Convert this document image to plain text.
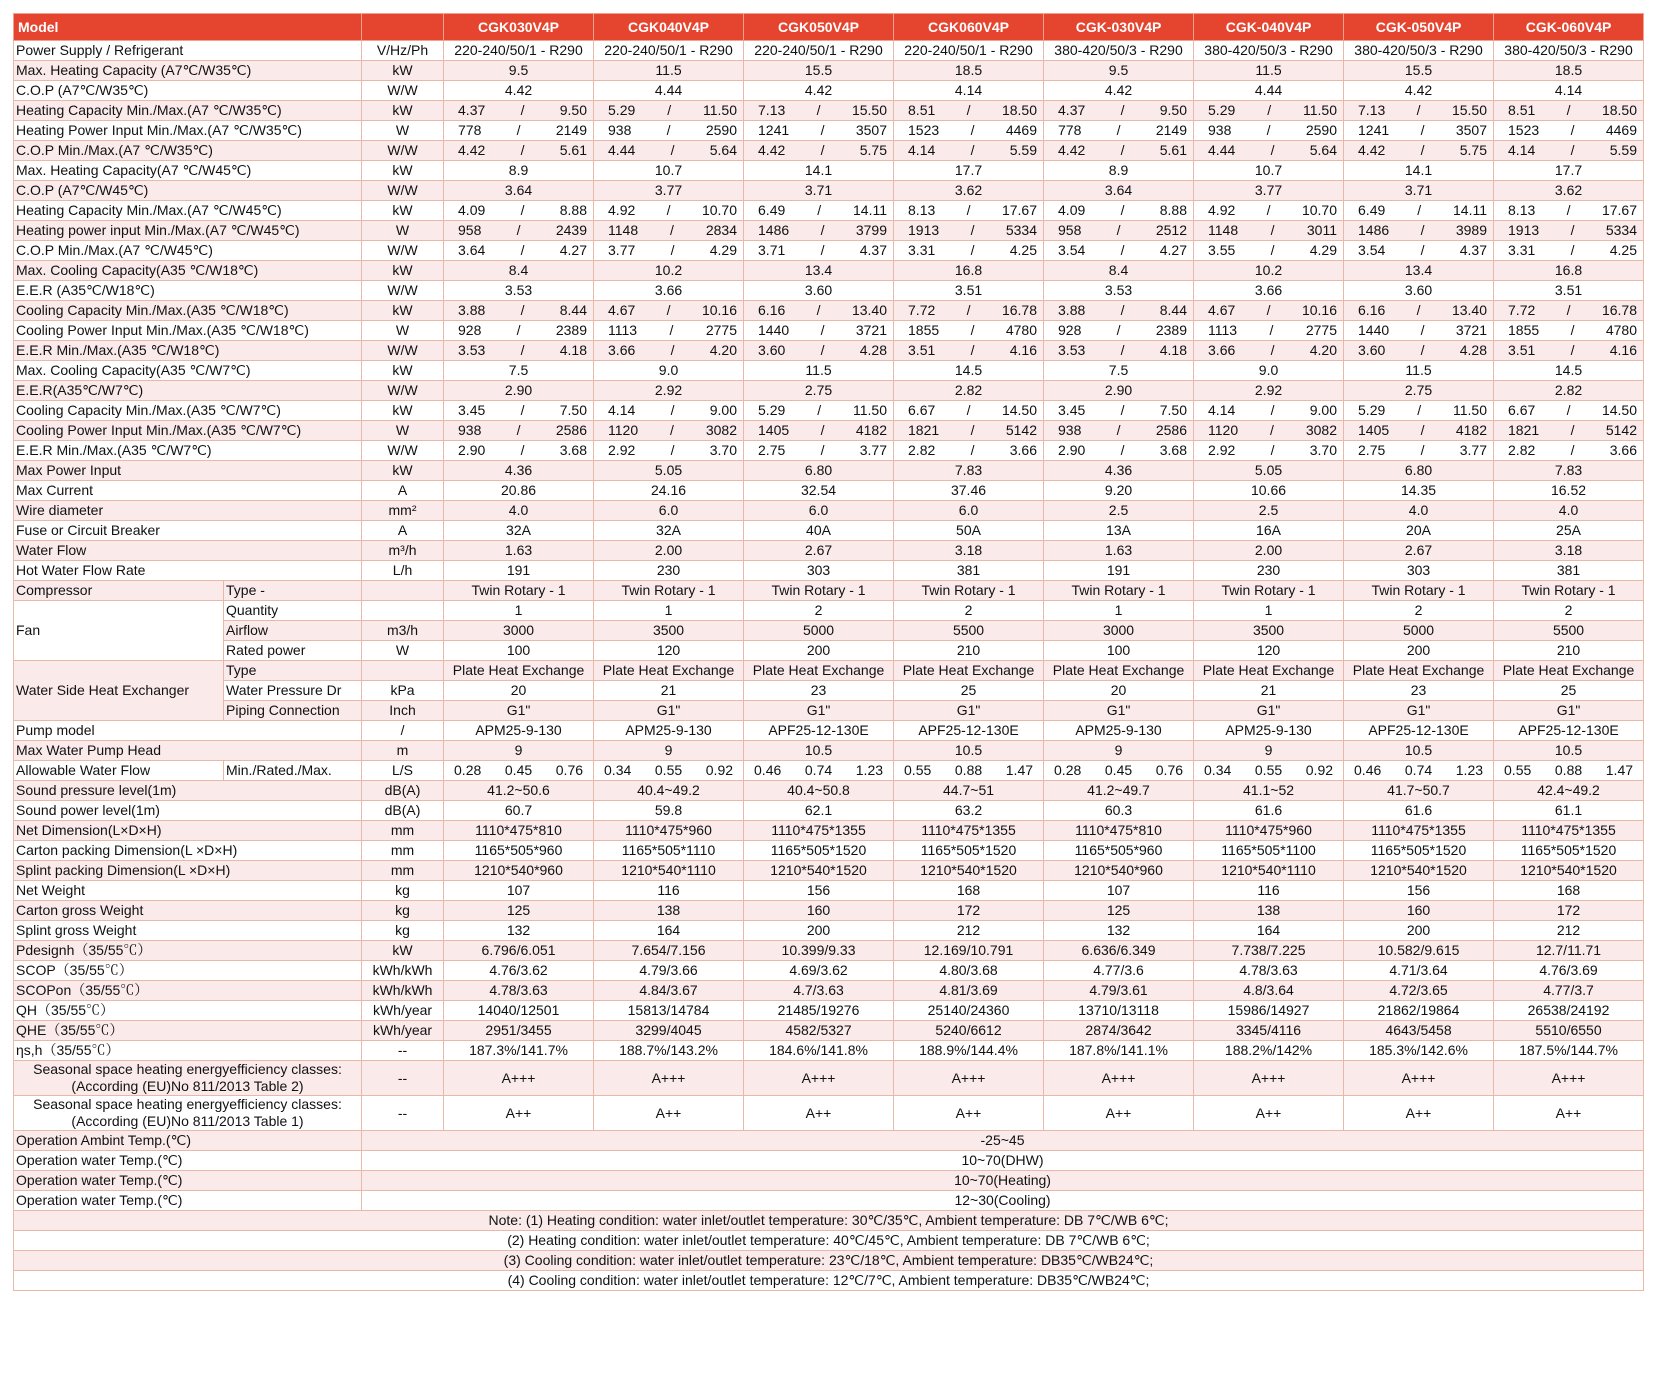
Model			CGK030V4P	CGK040V4P	CGK050V4P	CGK060V4P	CGK-030V4P	CGK-040V4P	CGK-050V4P	CGK-060V4P
Power Supply / Refrigerant		V/Hz/Ph	220-240/50/1 - R290	220-240/50/1 - R290	220-240/50/1 - R290	220-240/50/1 - R290	380-420/50/3 - R290	380-420/50/3 - R290	380-420/50/3 - R290	380-420/50/3 - R290
Max. Heating Capacity (A7℃/W35℃)		kW	9.5	11.5	15.5	18.5	9.5	11.5	15.5	18.5
C.O.P (A7℃/W35℃)		W/W	4.42	4.44	4.42	4.14	4.42	4.44	4.42	4.14
Heating Capacity Min./Max.(A7 ℃/W35℃)		kW	4.37 / 9.50	5.29 / 11.50	7.13 / 15.50	8.51 / 18.50	4.37 / 9.50	5.29 / 11.50	7.13 / 15.50	8.51 / 18.50

Heating Power Input Min./Max.(A7 ℃/W35℃)		W	778 / 2149	938 / 2590	1241 / 3507	1523 / 4469	778 / 2149	938 / 2590	1241 / 3507	1523 / 4469

C.O.P Min./Max.(A7 ℃/W35℃)		W/W	4.42 / 5.61	4.44 / 5.64	4.42 / 5.75	4.14 / 5.59	4.42 / 5.61	4.44 / 5.64	4.42 / 5.75	4.14 / 5.59

Max. Heating Capacity(A7 ℃/W45℃)		kW	8.9	10.7	14.1	17.7	8.9	10.7	14.1	17.7
C.O.P (A7℃/W45℃)		W/W	3.64	3.77	3.71	3.62	3.64	3.77	3.71	3.62
Heating Capacity Min./Max.(A7 ℃/W45℃)		kW	4.09 / 8.88	4.92 / 10.70	6.49 / 14.11	8.13 / 17.67	4.09 / 8.88	4.92 / 10.70	6.49 / 14.11	8.13 / 17.67

Heating power input Min./Max.(A7 ℃/W45℃)		W	958 / 2439	1148 / 2834	1486 / 3799	1913 / 5334	958 / 2512	1148 / 3011	1486 / 3989	1913 / 5334

C.O.P Min./Max.(A7 ℃/W45℃)		W/W	3.64 / 4.27	3.77 / 4.29	3.71 / 4.37	3.31 / 4.25	3.54 / 4.27	3.55 / 4.29	3.54 / 4.37	3.31 / 4.25

Max. Cooling Capacity(A35 ℃/W18℃)		kW	8.4	10.2	13.4	16.8	8.4	10.2	13.4	16.8
E.E.R (A35℃/W18℃)		W/W	3.53	3.66	3.60	3.51	3.53	3.66	3.60	3.51
Cooling Capacity Min./Max.(A35 ℃/W18℃)		kW	3.88 / 8.44	4.67 / 10.16	6.16 / 13.40	7.72 / 16.78	3.88 / 8.44	4.67 / 10.16	6.16 / 13.40	7.72 / 16.78

Cooling Power Input Min./Max.(A35 ℃/W18℃)		W	928 / 2389	1113 / 2775	1440 / 3721	1855 / 4780	928 / 2389	1113 / 2775	1440 / 3721	1855 / 4780

E.E.R Min./Max.(A35 ℃/W18℃)		W/W	3.53 / 4.18	3.66 / 4.20	3.60 / 4.28	3.51 / 4.16	3.53 / 4.18	3.66 / 4.20	3.60 / 4.28	3.51 / 4.16

Max. Cooling Capacity(A35 ℃/W7℃)		kW	7.5	9.0	11.5	14.5	7.5	9.0	11.5	14.5
E.E.R(A35℃/W7℃)		W/W	2.90	2.92	2.75	2.82	2.90	2.92	2.75	2.82
Cooling Capacity Min./Max.(A35 ℃/W7℃)		kW	3.45 / 7.50	4.14 / 9.00	5.29 / 11.50	6.67 / 14.50	3.45 / 7.50	4.14 / 9.00	5.29 / 11.50	6.67 / 14.50

Cooling Power Input Min./Max.(A35 ℃/W7℃)		W	938 / 2586	1120 / 3082	1405 / 4182	1821 / 5142	938 / 2586	1120 / 3082	1405 / 4182	1821 / 5142

E.E.R Min./Max.(A35 ℃/W7℃)		W/W	2.90 / 3.68	2.92 / 3.70	2.75 / 3.77	2.82 / 3.66	2.90 / 3.68	2.92 / 3.70	2.75 / 3.77	2.82 / 3.66

Max Power Input		kW	4.36	5.05	6.80	7.83	4.36	5.05	6.80	7.83
Max Current		A	20.86	24.16	32.54	37.46	9.20	10.66	14.35	16.52
Wire diameter		mm²	4.0	6.0	6.0	6.0	2.5	2.5	4.0	4.0
Fuse or Circuit Breaker		A	32A	32A	40A	50A	13A	16A	20A	25A
Water Flow		m³/h	1.63	2.00	2.67	3.18	1.63	2.00	2.67	3.18
Hot Water Flow Rate		L/h	191	230	303	381	191	230	303	381
Compressor	Type -		Twin Rotary - 1	Twin Rotary - 1	Twin Rotary - 1	Twin Rotary - 1	Twin Rotary - 1	Twin Rotary - 1	Twin Rotary - 1	Twin Rotary - 1
Fan	Quantity		1	1	2	2	1	1	2	2
	Airflow	m3/h	3000	3500	5000	5500	3000	3500	5000	5500
	Rated power	W	100	120	200	210	100	120	200	210
Water Side Heat Exchanger	Type		Plate Heat Exchange	Plate Heat Exchange	Plate Heat Exchange	Plate Heat Exchange	Plate Heat Exchange	Plate Heat Exchange	Plate Heat Exchange	Plate Heat Exchange
	Water Pressure Dr	kPa	20	21	23	25	20	21	23	25
	Piping Connection	Inch	G1"	G1"	G1"	G1"	G1"	G1"	G1"	G1"
Pump model		/	APM25-9-130	APM25-9-130	APF25-12-130E	APF25-12-130E	APM25-9-130	APM25-9-130	APF25-12-130E	APF25-12-130E
Max Water Pump Head		m	9	9	10.5	10.5	9	9	10.5	10.5
Allowable Water Flow	Min./Rated./Max.	L/S	0.28 0.45 0.76	0.34 0.55 0.92	0.46 0.74 1.23	0.55 0.88 1.47	0.28 0.45 0.76	0.34 0.55 0.92	0.46 0.74 1.23	0.55 0.88 1.47

Sound pressure level(1m)		dB(A)	41.2~50.6	40.4~49.2	40.4~50.8	44.7~51	41.2~49.7	41.1~52	41.7~50.7	42.4~49.2
Sound power level(1m)		dB(A)	60.7	59.8	62.1	63.2	60.3	61.6	61.6	61.1
Net Dimension(L×D×H)		mm	1110*475*810	1110*475*960	1110*475*1355	1110*475*1355	1110*475*810	1110*475*960	1110*475*1355	1110*475*1355
Carton packing Dimension(L ×D×H)		mm	1165*505*960	1165*505*1110	1165*505*1520	1165*505*1520	1165*505*960	1165*505*1100	1165*505*1520	1165*505*1520
Splint packing Dimension(L ×D×H)		mm	1210*540*960	1210*540*1110	1210*540*1520	1210*540*1520	1210*540*960	1210*540*1110	1210*540*1520	1210*540*1520
Net Weight		kg	107	116	156	168	107	116	156	168
Carton gross Weight		kg	125	138	160	172	125	138	160	172
Splint gross Weight		kg	132	164	200	212	132	164	200	212
Pdesignh（35/55℃）		kW	6.796/6.051	7.654/7.156	10.399/9.33	12.169/10.791	6.636/6.349	7.738/7.225	10.582/9.615	12.7/11.71
SCOP（35/55℃）		kWh/kWh	4.76/3.62	4.79/3.66	4.69/3.62	4.80/3.68	4.77/3.6	4.78/3.63	4.71/3.64	4.76/3.69
SCOPon（35/55℃）		kWh/kWh	4.78/3.63	4.84/3.67	4.7/3.63	4.81/3.69	4.79/3.61	4.8/3.64	4.72/3.65	4.77/3.7
QH（35/55℃）		kWh/year	14040/12501	15813/14784	21485/19276	25140/24360	13710/13118	15986/14927	21862/19864	26538/24192
QHE（35/55℃）		kWh/year	2951/3455	3299/4045	4582/5327	5240/6612	2874/3642	3345/4116	4643/5458	5510/6550
ηs,h（35/55℃）		--	187.3%/141.7%	188.7%/143.2%	184.6%/141.8%	188.9%/144.4%	187.8%/141.1%	188.2%/142%	185.3%/142.6%	187.5%/144.7%

Seasonal space heating energyefficiency classes:
(According (EU)No 811/2013 Table 2)		--	A+++	A+++	A+++	A+++	A+++	A+++	A+++	A+++

Seasonal space heating energyefficiency classes:
(According (EU)No 811/2013 Table 1)		--	A++	A++	A++	A++	A++	A++	A++	A++
Operation Ambint Temp.(℃)		-25~45								
Operation water Temp.(℃)		10~70(DHW)								
Operation water Temp.(℃)		10~70(Heating)								
Operation water Temp.(℃)		12~30(Cooling)								
Note: (1) Heating condition: water inlet/outlet temperature: 30℃/35℃, Ambient temperature: DB 7℃/WB 6℃;										
(2) Heating condition: water inlet/outlet temperature: 40℃/45℃, Ambient temperature: DB 7℃/WB 6℃;										
(3) Cooling condition: water inlet/outlet temperature: 23℃/18℃, Ambient temperature: DB35℃/WB24℃;										
(4) Cooling condition: water inlet/outlet temperature: 12℃/7℃, Ambient temperature: DB35℃/WB24℃;										
